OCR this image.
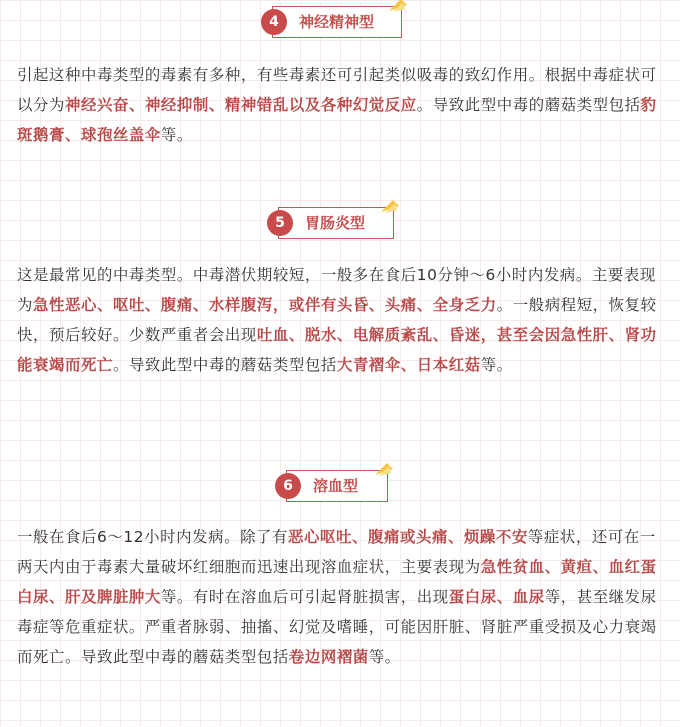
4	神经精神型

引起这种中毒类型的毒素有多种，有些毒素还可引起类似吸毒的致幻作用。根据中毒症状可以分为神经兴奋、神经抑制、精神错乱以及各种幻觉反应。导致此型中毒的蘑菇类型包括豹斑鹅膏、球孢丝盖伞等。

5	胃肠炎型

这是最常见的中毒类型。中毒潜伏期较短，一般多在食后10分钟～6小时内发病。主要表现为急性恶心、呕吐、腹痛、水样腹泻，或伴有头昏、头痛、全身乏力。一般病程短，恢复较快，预后较好。少数严重者会出现吐血、脱水、电解质紊乱、昏迷，甚至会因急性肝、肾功能衰竭而死亡。导致此型中毒的蘑菇类型包括大青褶伞、日本红菇等。

6	溶血型

一般在食后6～12小时内发病。除了有恶心呕吐、腹痛或头痛、烦躁不安等症状，还可在一两天内由于毒素大量破坏红细胞而迅速出现溶血症状，主要表现为急性贫血、黄疸、血红蛋白尿、肝及脾脏肿大等。有时在溶血后可引起肾脏损害，出现蛋白尿、血尿等，甚至继发尿毒症等危重症状。严重者脉弱、抽搐、幻觉及嗜睡，可能因肝脏、肾脏严重受损及心力衰竭而死亡。导致此型中毒的蘑菇类型包括卷边网褶菌等。
